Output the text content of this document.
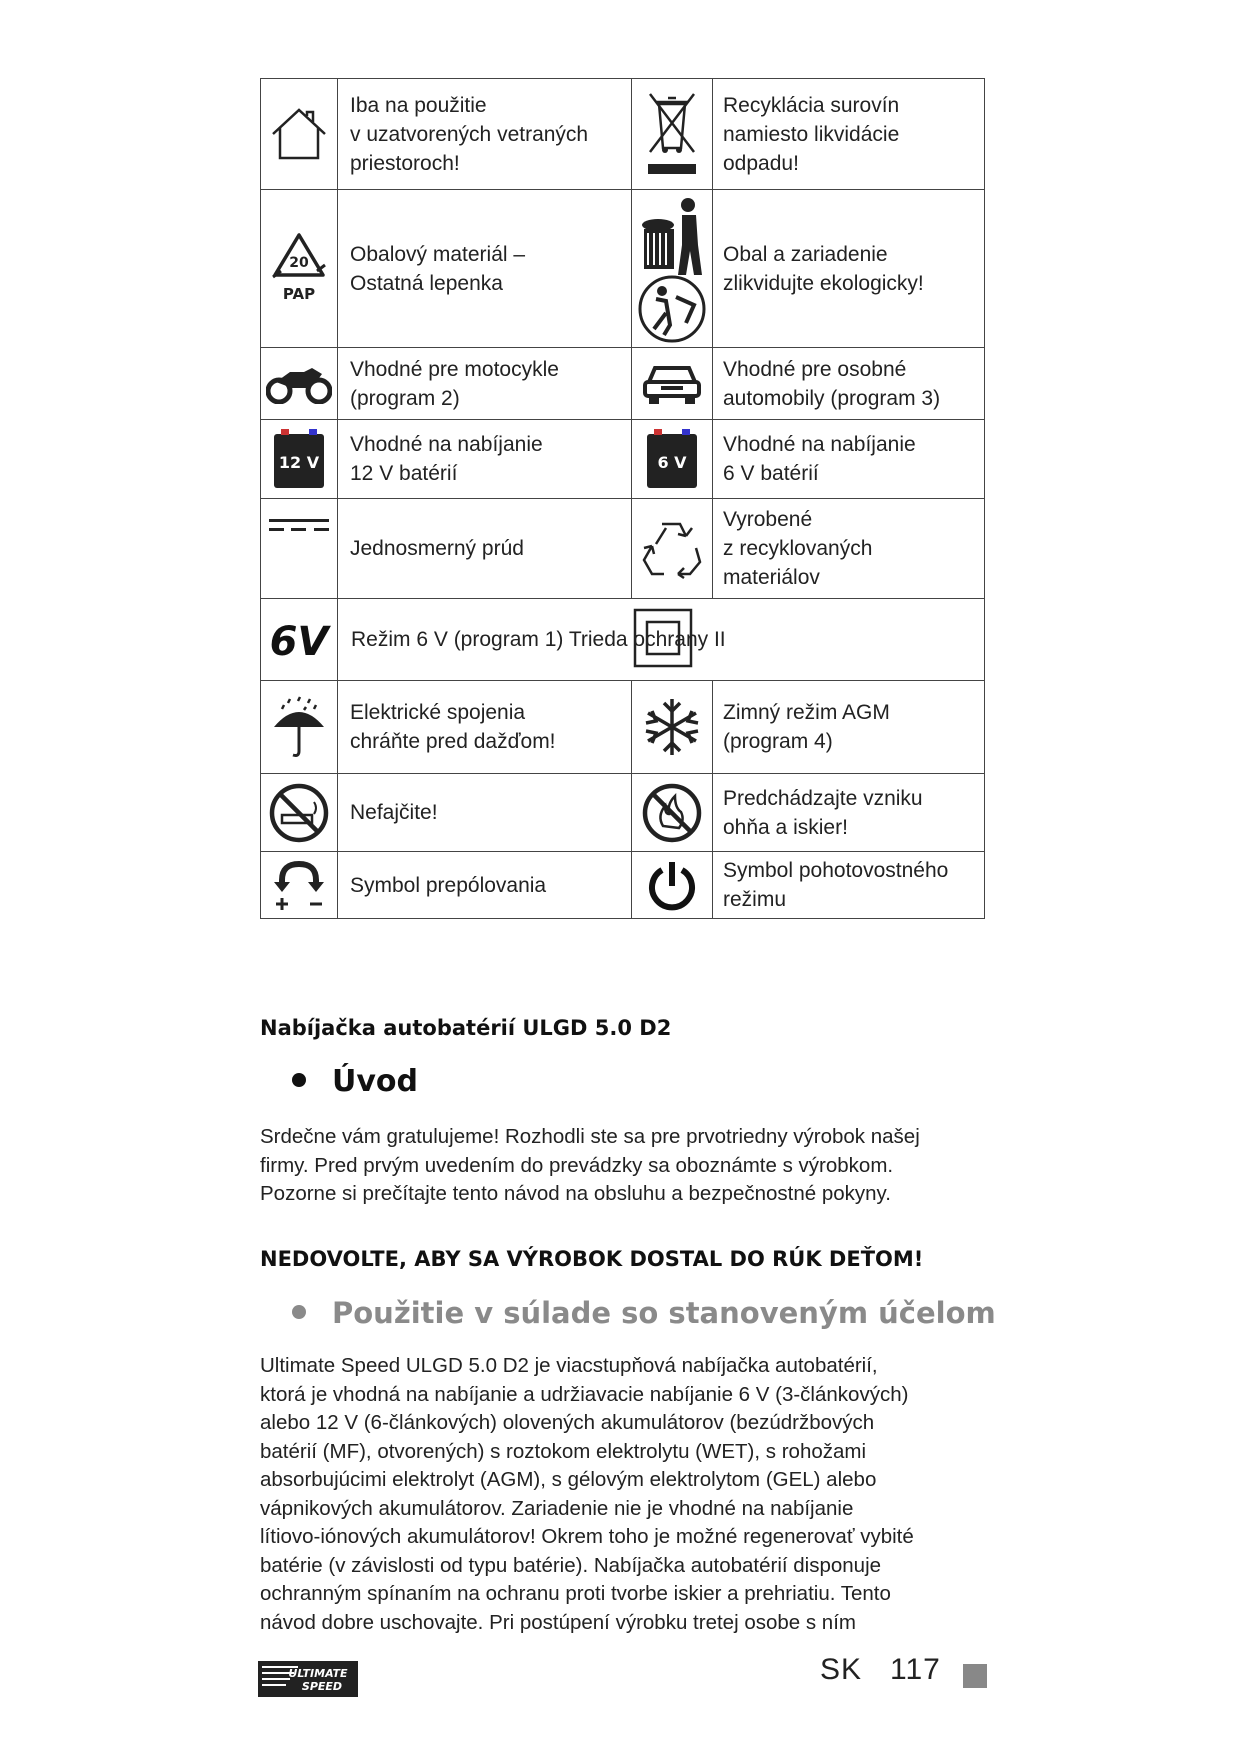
	Iba na použitie
v uzatvorených vetraných
priestoroch!		Recyklácia surovín
namiesto likvidácie
odpadu!

20
PAP	Obalový materiál –
Ostatná lepenka		Obal a zariadenie
zlikvidujte ekologicky!

	Vhodné pre motocykle
(program 2)		Vhodné pre osobné
automobily (program 3)

12 V	Vhodné na nabíjanie
12 V batérií	6 V	Vhodné na nabíjanie
6 V batérií

	Jednosmerný prúd		Vyrobené
z recyklovaných
materiálov

6V Režim 6 V (program 1) Trieda ochrany II			

	Elektrické spojenia
chráňte pred dažďom!		Zimný režim AGM
(program 4)

	Nefajčite!		Predchádzajte vzniku
ohňa a iskier!

	Symbol prepólovania		Symbol pohotovostného
režimu
Nabíjačka autobatérií ULGD 5.0 D2
Úvod
Srdečne vám gratulujeme! Rozhodli ste sa pre prvotriedny výrobok našej
firmy. Pred prvým uvedením do prevádzky sa oboznámte s výrobkom.
Pozorne si prečítajte tento návod na obsluhu a bezpečnostné pokyny.
NEDOVOLTE, ABY SA VÝROBOK DOSTAL DO RÚK DEŤOM!
Použitie v súlade so stanoveným účelom
Ultimate Speed ULGD 5.0 D2 je viacstupňová nabíjačka autobatérií,
ktorá je vhodná na nabíjanie a udržiavacie nabíjanie 6 V (3-článkových)
alebo 12 V (6-článkových) olovených akumulátorov (bezúdržbových
batérií (MF), otvorených) s roztokom elektrolytu (WET), s rohožami
absorbujúcimi elektrolyt (AGM), s gélovým elektrolytom (GEL) alebo
vápnikových akumulátorov. Zariadenie nie je vhodné na nabíjanie
lítiovo-iónových akumulátorov! Okrem toho je možné regenerovať vybité
batérie (v závislosti od typu batérie). Nabíjačka autobatérií disponuje
ochranným spínaním na ochranu proti tvorbe iskier a prehriatiu. Tento
návod dobre uschovajte. Pri postúpení výrobku tretej osobe s ním
ULTIMATE
SPEED
SK 117
